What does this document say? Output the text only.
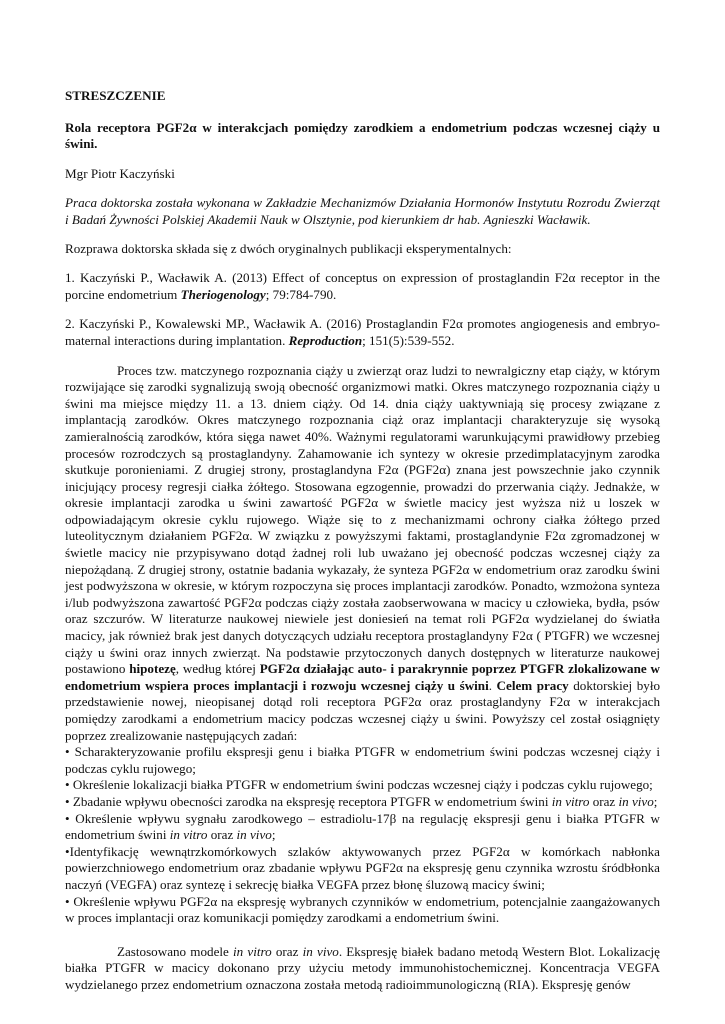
STRESZCZENIE

Rola receptora PGF2α w interakcjach pomiędzy zarodkiem a endometrium podczas wczesnej ciąży u świni.

Mgr Piotr Kaczyński

Praca doktorska została wykonana w Zakładzie Mechanizmów Działania Hormonów Instytutu Rozrodu Zwierząt i Badań Żywności Polskiej Akademii Nauk w Olsztynie, pod kierunkiem dr hab. Agnieszki Wacławik.

Rozprawa doktorska składa się z dwóch oryginalnych publikacji eksperymentalnych:

1. Kaczyński P., Wacławik A. (2013) Effect of conceptus on expression of prostaglandin F2α receptor in the porcine endometrium Theriogenology; 79:784-790.

2. Kaczyński P., Kowalewski MP., Wacławik A. (2016) Prostaglandin F2α promotes angiogenesis and embryo-maternal interactions during implantation. Reproduction; 151(5):539-552.

Proces tzw. matczynego rozpoznania ciąży u zwierząt oraz ludzi to newralgiczny etap ciąży, w którym rozwijające się zarodki sygnalizują swoją obecność organizmowi matki. Okres matczynego rozpoznania ciąży u świni ma miejsce między 11. a 13. dniem ciąży. Od 14. dnia ciąży uaktywniają się procesy związane z implantacją zarodków. Okres matczynego rozpoznania ciąż oraz implantacji charakteryzuje się wysoką zamieralnością zarodków, która sięga nawet 40%. Ważnymi regulatorami warunkującymi prawidłowy przebieg procesów rozrodczych są prostaglandyny. Zahamowanie ich syntezy w okresie przedimplatacyjnym zarodka skutkuje poronieniami. Z drugiej strony, prostaglandyna F2α (PGF2α) znana jest powszechnie jako czynnik inicjujący procesy regresji ciałka żółtego. Stosowana egzogennie, prowadzi do przerwania ciąży. Jednakże, w okresie implantacji zarodka u świni zawartość PGF2α w świetle macicy jest wyższa niż u loszek w odpowiadającym okresie cyklu rujowego. Wiąże się to z mechanizmami ochrony ciałka żółtego przed luteolitycznym działaniem PGF2α. W związku z powyższymi faktami, prostaglandynie F2α zgromadzonej w świetle macicy nie przypisywano dotąd żadnej roli lub uważano jej obecność podczas wczesnej ciąży za niepożądaną. Z drugiej strony, ostatnie badania wykazały, że synteza PGF2α w endometrium oraz zarodku świni jest podwyższona w okresie, w którym rozpoczyna się proces implantacji zarodków. Ponadto, wzmożona synteza i/lub podwyższona zawartość PGF2α podczas ciąży została zaobserwowana w macicy u człowieka, bydła, psów oraz szczurów. W literaturze naukowej niewiele jest doniesień na temat roli PGF2α wydzielanej do światła macicy, jak również brak jest danych dotyczących udziału receptora prostaglandyny F2α ( PTGFR) we wczesnej ciąży u świni oraz innych zwierząt. Na podstawie przytoczonych danych dostępnych w literaturze naukowej postawiono hipotezę, według której PGF2α działając auto- i parakrynnie poprzez PTGFR zlokalizowane w endometrium wspiera proces implantacji i rozwoju wczesnej ciąży u świni. Celem pracy doktorskiej było przedstawienie nowej, nieopisanej dotąd roli receptora PGF2α oraz prostaglandyny F2α w interakcjach pomiędzy zarodkami a endometrium macicy podczas wczesnej ciąży u świni. Powyższy cel został osiągnięty poprzez zrealizowanie następujących zadań:

• Scharakteryzowanie profilu ekspresji genu i białka PTGFR w endometrium świni podczas wczesnej ciąży i podczas cyklu rujowego;

• Określenie lokalizacji białka PTGFR w endometrium świni podczas wczesnej ciąży i podczas cyklu rujowego;

• Zbadanie wpływu obecności zarodka na ekspresję receptora PTGFR w endometrium świni in vitro oraz in vivo;

• Określenie wpływu sygnału zarodkowego – estradiolu-17β na regulację ekspresji genu i białka PTGFR w endometrium świni in vitro oraz in vivo;

•Identyfikację wewnątrzkomórkowych szlaków aktywowanych przez PGF2α w komórkach nabłonka powierzchniowego endometrium oraz zbadanie wpływu PGF2α na ekspresję genu czynnika wzrostu śródbłonka naczyń (VEGFA) oraz syntezę i sekrecję białka VEGFA przez błonę śluzową macicy świni;

• Określenie wpływu PGF2α na ekspresję wybranych czynników w endometrium, potencjalnie zaangażowanych w proces implantacji oraz komunikacji pomiędzy zarodkami a endometrium świni.

Zastosowano modele in vitro oraz in vivo. Ekspresję białek badano metodą Western Blot. Lokalizację białka PTGFR w macicy dokonano przy użyciu metody immunohistochemicznej. Koncentracja VEGFA wydzielanego przez endometrium oznaczona została metodą radioimmunologiczną (RIA). Ekspresję genów
